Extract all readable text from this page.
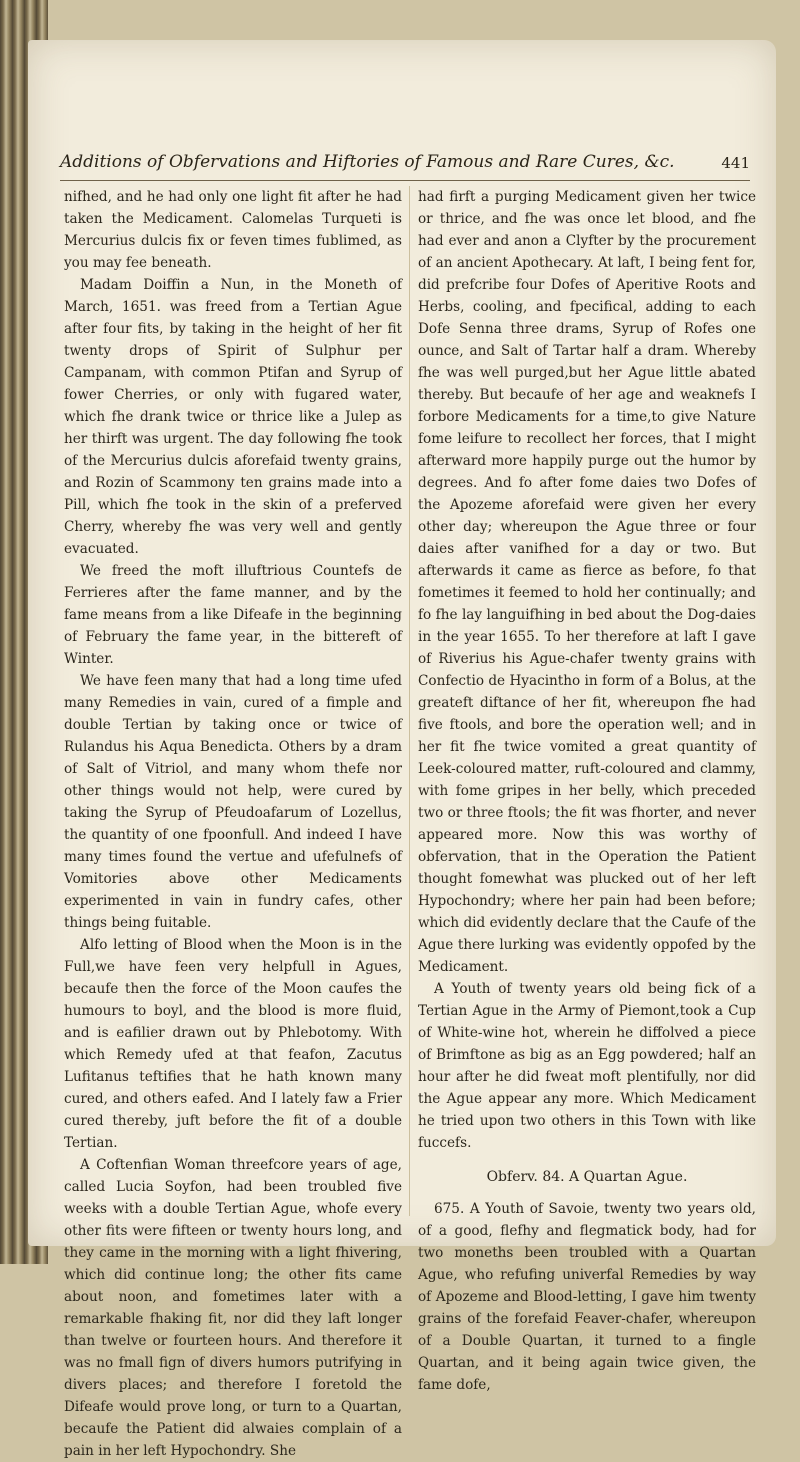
Additions of Obfervations and Hiftories of Famous and Rare Cures, &c.	441

nifhed, and he had only one light fit after he had taken the Medicament. Calomelas Turqueti is Mercurius dulcis fix or feven times fublimed, as you may fee beneath.

Madam Doiffin a Nun, in the Moneth of March, 1651. was freed from a Tertian Ague after four fits, by taking in the height of her fit twenty drops of Spirit of Sulphur per Campanam, with common Ptifan and Syrup of fower Cherries, or only with fugared water, which fhe drank twice or thrice like a Julep as her thirft was urgent. The day following fhe took of the Mercurius dulcis aforefaid twenty grains, and Rozin of Scammony ten grains made into a Pill, which fhe took in the skin of a preferved Cherry, whereby fhe was very well and gently evacuated.

We freed the moft illuftrious Countefs de Ferrieres after the fame manner, and by the fame means from a like Difeafe in the beginning of February the fame year, in the bittereft of Winter.

We have feen many that had a long time ufed many Remedies in vain, cured of a fimple and double Tertian by taking once or twice of Rulandus his Aqua Benedicta. Others by a dram of Salt of Vitriol, and many whom thefe nor other things would not help, were cured by taking the Syrup of Pfeudoafarum of Lozellus, the quantity of one fpoonfull. And indeed I have many times found the vertue and ufefulnefs of Vomitories above other Medicaments experimented in vain in fundry cafes, other things being fuitable.

Alfo letting of Blood when the Moon is in the Full,we have feen very helpfull in Agues, becaufe then the force of the Moon caufes the humours to boyl, and the blood is more fluid, and is eafilier drawn out by Phlebotomy. With which Remedy ufed at that feafon, Zacutus Lufitanus teftifies that he hath known many cured, and others eafed. And I lately faw a Frier cured thereby, juft before the fit of a double Tertian.

A Coftenfian Woman threefcore years of age, called Lucia Soyfon, had been troubled five weeks with a double Tertian Ague, whofe every other fits were fifteen or twenty hours long, and they came in the morning with a light fhivering, which did continue long; the other fits came about noon, and fometimes later with a remarkable fhaking fit, nor did they laft longer than twelve or fourteen hours. And therefore it was no fmall fign of divers humors putrifying in divers places; and therefore I foretold the Difeafe would prove long, or turn to a Quartan, becaufe the Patient did alwaies complain of a pain in her left Hypochondry. She

had firft a purging Medicament given her twice or thrice, and fhe was once let blood, and fhe had ever and anon a Clyfter by the procurement of an ancient Apothecary. At laft, I being fent for, did prefcribe four Dofes of Aperitive Roots and Herbs, cooling, and fpecifical, adding to each Dofe Senna three drams, Syrup of Rofes one ounce, and Salt of Tartar half a dram. Whereby fhe was well purged,but her Ague little abated thereby. But becaufe of her age and weaknefs I forbore Medicaments for a time,to give Nature fome leifure to recollect her forces, that I might afterward more happily purge out the humor by degrees. And fo after fome daies two Dofes of the Apozeme aforefaid were given her every other day; whereupon the Ague three or four daies after vanifhed for a day or two. But afterwards it came as fierce as before, fo that fometimes it feemed to hold her continually; and fo fhe lay languifhing in bed about the Dog-daies in the year 1655. To her therefore at laft I gave of Riverius his Ague-chafer twenty grains with Confectio de Hyacintho in form of a Bolus, at the greateft diftance of her fit, whereupon fhe had five ftools, and bore the operation well; and in her fit fhe twice vomited a great quantity of Leek-coloured matter, ruft-coloured and clammy, with fome gripes in her belly, which preceded two or three ftools; the fit was fhorter, and never appeared more. Now this was worthy of obfervation, that in the Operation the Patient thought fomewhat was plucked out of her left Hypochondry; where her pain had been before; which did evidently declare that the Caufe of the Ague there lurking was evidently oppofed by the Medicament.

A Youth of twenty years old being fick of a Tertian Ague in the Army of Piemont,took a Cup of White-wine hot, wherein he diffolved a piece of Brimftone as big as an Egg powdered; half an hour after he did fweat moft plentifully, nor did the Ague appear any more. Which Medicament he tried upon two others in this Town with like fuccefs.

Obferv. 84. A Quartan Ague.

675. A Youth of Savoie, twenty two years old, of a good, flefhy and flegmatick body, had for two moneths been troubled with a Quartan Ague, who refufing univerfal Remedies by way of Apozeme and Blood-letting, I gave him twenty grains of the forefaid Feaver-chafer, whereupon of a Double Quartan, it turned to a fingle Quartan, and it being again twice given, the fame dofe,
